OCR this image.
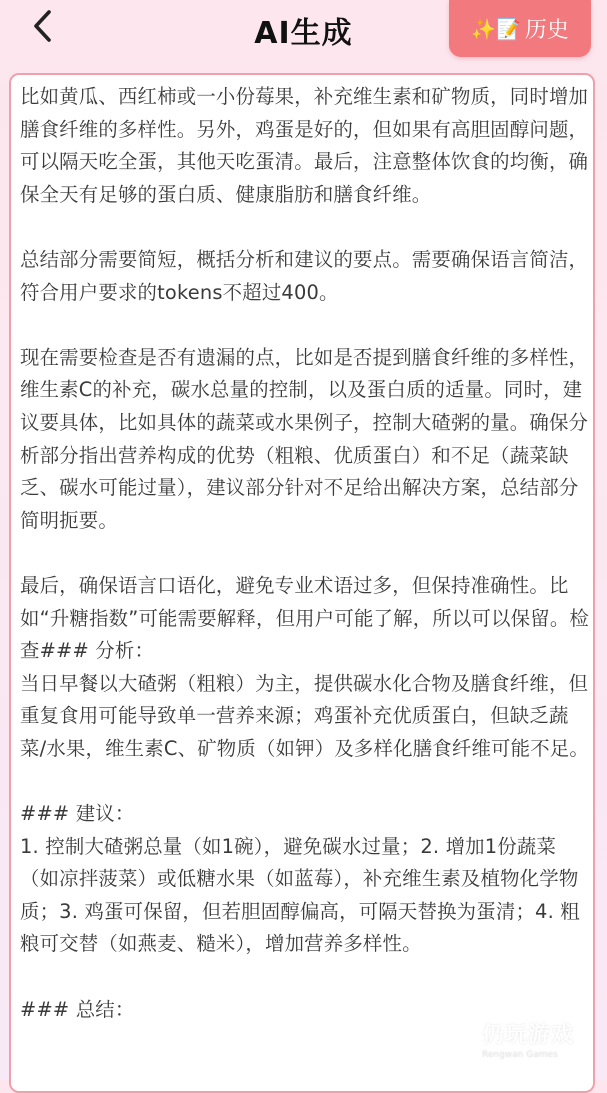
AI生成	✨📝 历史

比如黄瓜、西红柿或一小份莓果，补充维生素和矿物质，同时增加膳食纤维的多样性。另外，鸡蛋是好的，但如果有高胆固醇问题，可以隔天吃全蛋，其他天吃蛋清。最后，注意整体饮食的均衡，确保全天有足够的蛋白质、健康脂肪和膳食纤维。

总结部分需要简短，概括分析和建议的要点。需要确保语言简洁，符合用户要求的tokens不超过400。

现在需要检查是否有遗漏的点，比如是否提到膳食纤维的多样性，维生素C的补充，碳水总量的控制，以及蛋白质的适量。同时，建议要具体，比如具体的蔬菜或水果例子，控制大碴粥的量。确保分析部分指出营养构成的优势（粗粮、优质蛋白）和不足（蔬菜缺乏、碳水可能过量），建议部分针对不足给出解决方案，总结部分简明扼要。

最后，确保语言口语化，避免专业术语过多，但保持准确性。比如“升糖指数”可能需要解释，但用户可能了解，所以可以保留。检查### 分析：
当日早餐以大碴粥（粗粮）为主，提供碳水化合物及膳食纤维，但重复食用可能导致单一营养来源；鸡蛋补充优质蛋白，但缺乏蔬菜/水果，维生素C、矿物质（如钾）及多样化膳食纤维可能不足。

### 建议：
1. 控制大碴粥总量（如1碗），避免碳水过量；2. 增加1份蔬菜（如凉拌菠菜）或低糖水果（如蓝莓），补充维生素及植物化学物质；3. 鸡蛋可保留，但若胆固醇偏高，可隔天替换为蛋清；4. 粗粮可交替（如燕麦、糙米），增加营养多样性。

### 总结：

仍玩游戏
Rengwan Games
